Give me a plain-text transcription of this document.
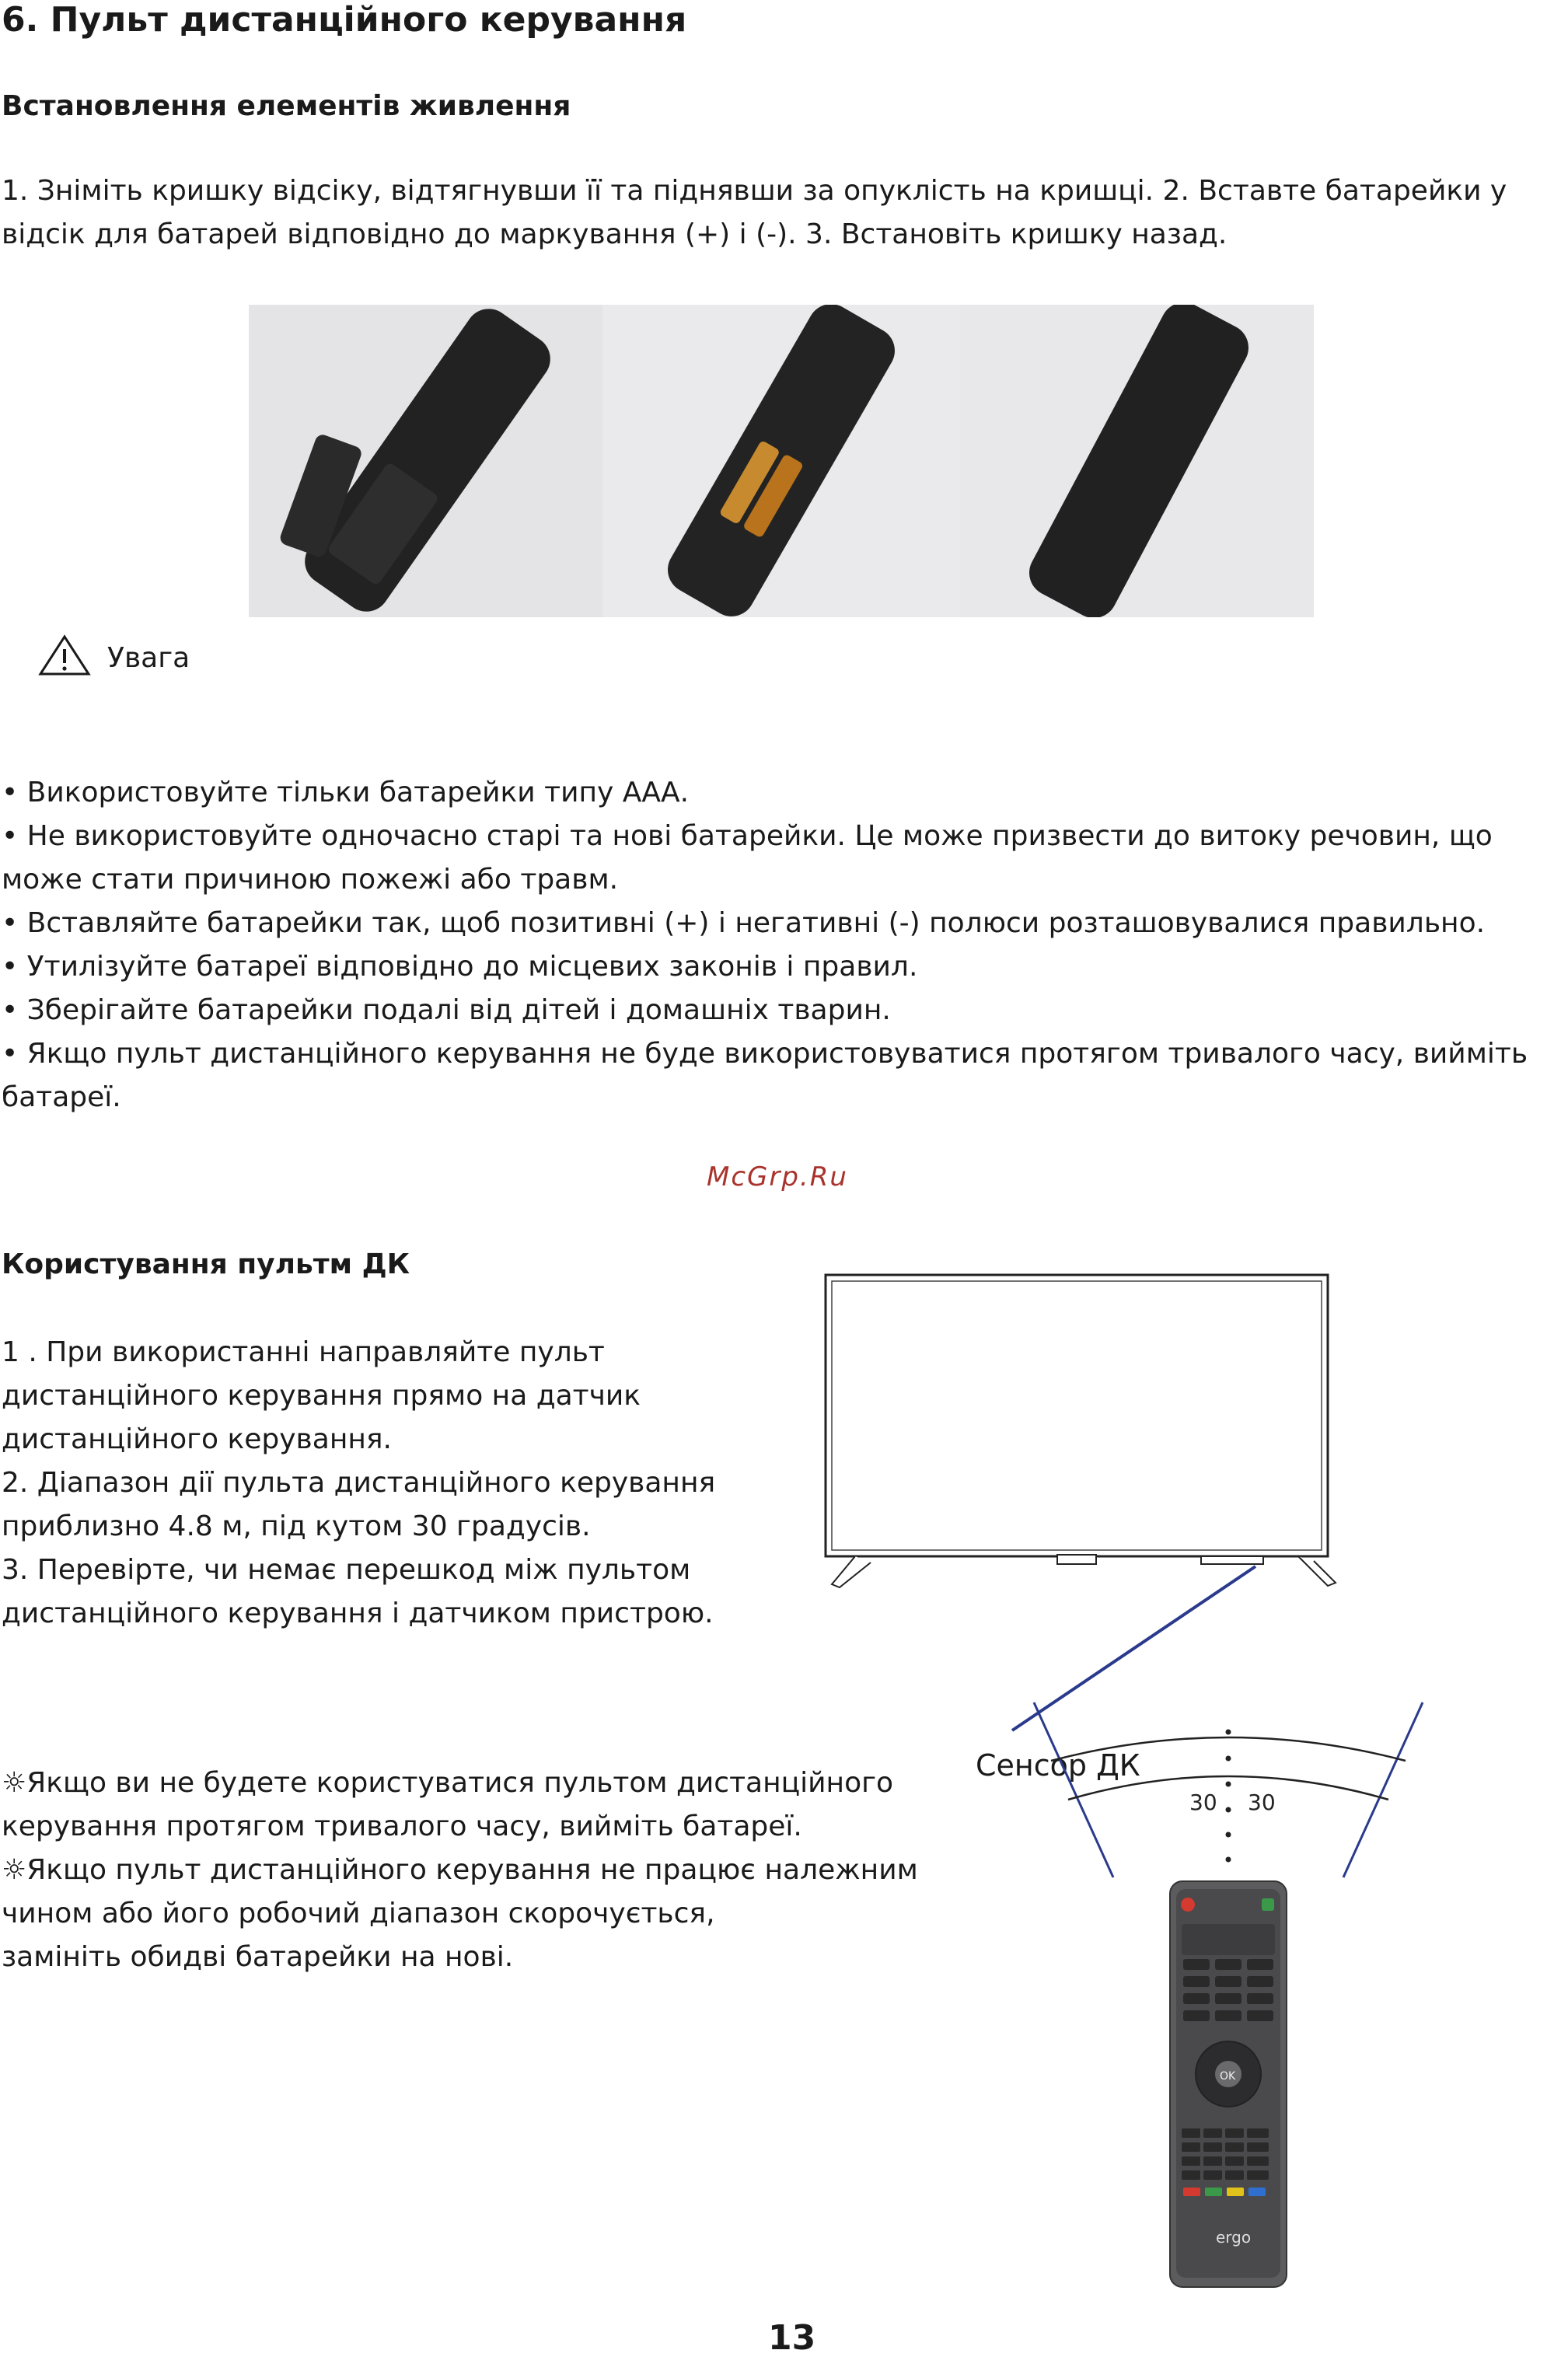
6. Пульт дистанційного керування
Встановлення елементів живлення
1. Зніміть кришку відсіку, відтягнувши її та піднявши за опуклість на кришці. 2. Вставте батарейки у
відсік для батарей відповідно до маркування (+) і (-). 3. Встановіть кришку назад.
Увага
• Використовуйте тільки батарейки типу ААА.
• Не використовуйте одночасно старі та нові батарейки. Це може призвести до витоку речовин, що
може стати причиною пожежі або травм.
• Вставляйте батарейки так, щоб позитивні (+) і негативні (-) полюси розташовувалися правильно.
• Утилізуйте батареї відповідно до місцевих законів і правил.
• Зберігайте батарейки подалі від дітей і домашніх тварин.
• Якщо пульт дистанційного керування не буде використовуватися протягом тривалого часу, вийміть
батареї.
McGrp.Ru
Користування пультм ДК
1 . При використанні направляйте пульт
дистанційного керування прямо на датчик
дистанційного керування.
2. Діапазон дії пульта дистанційного керування
приблизно 4.8 м, під кутом 30 градусів.
3. Перевірте, чи немає перешкод між пультом
дистанційного керування і датчиком пристрою.
☼Якщо ви не будете користуватися пультом дистанційного
керування протягом тривалого часу, вийміть батареї.
☼Якщо пульт дистанційного керування не працює належним
чином або його робочий діапазон скорочується,
замініть обидві батарейки на нові.
Сенсор ДК
30 30
OK
ergo
13
